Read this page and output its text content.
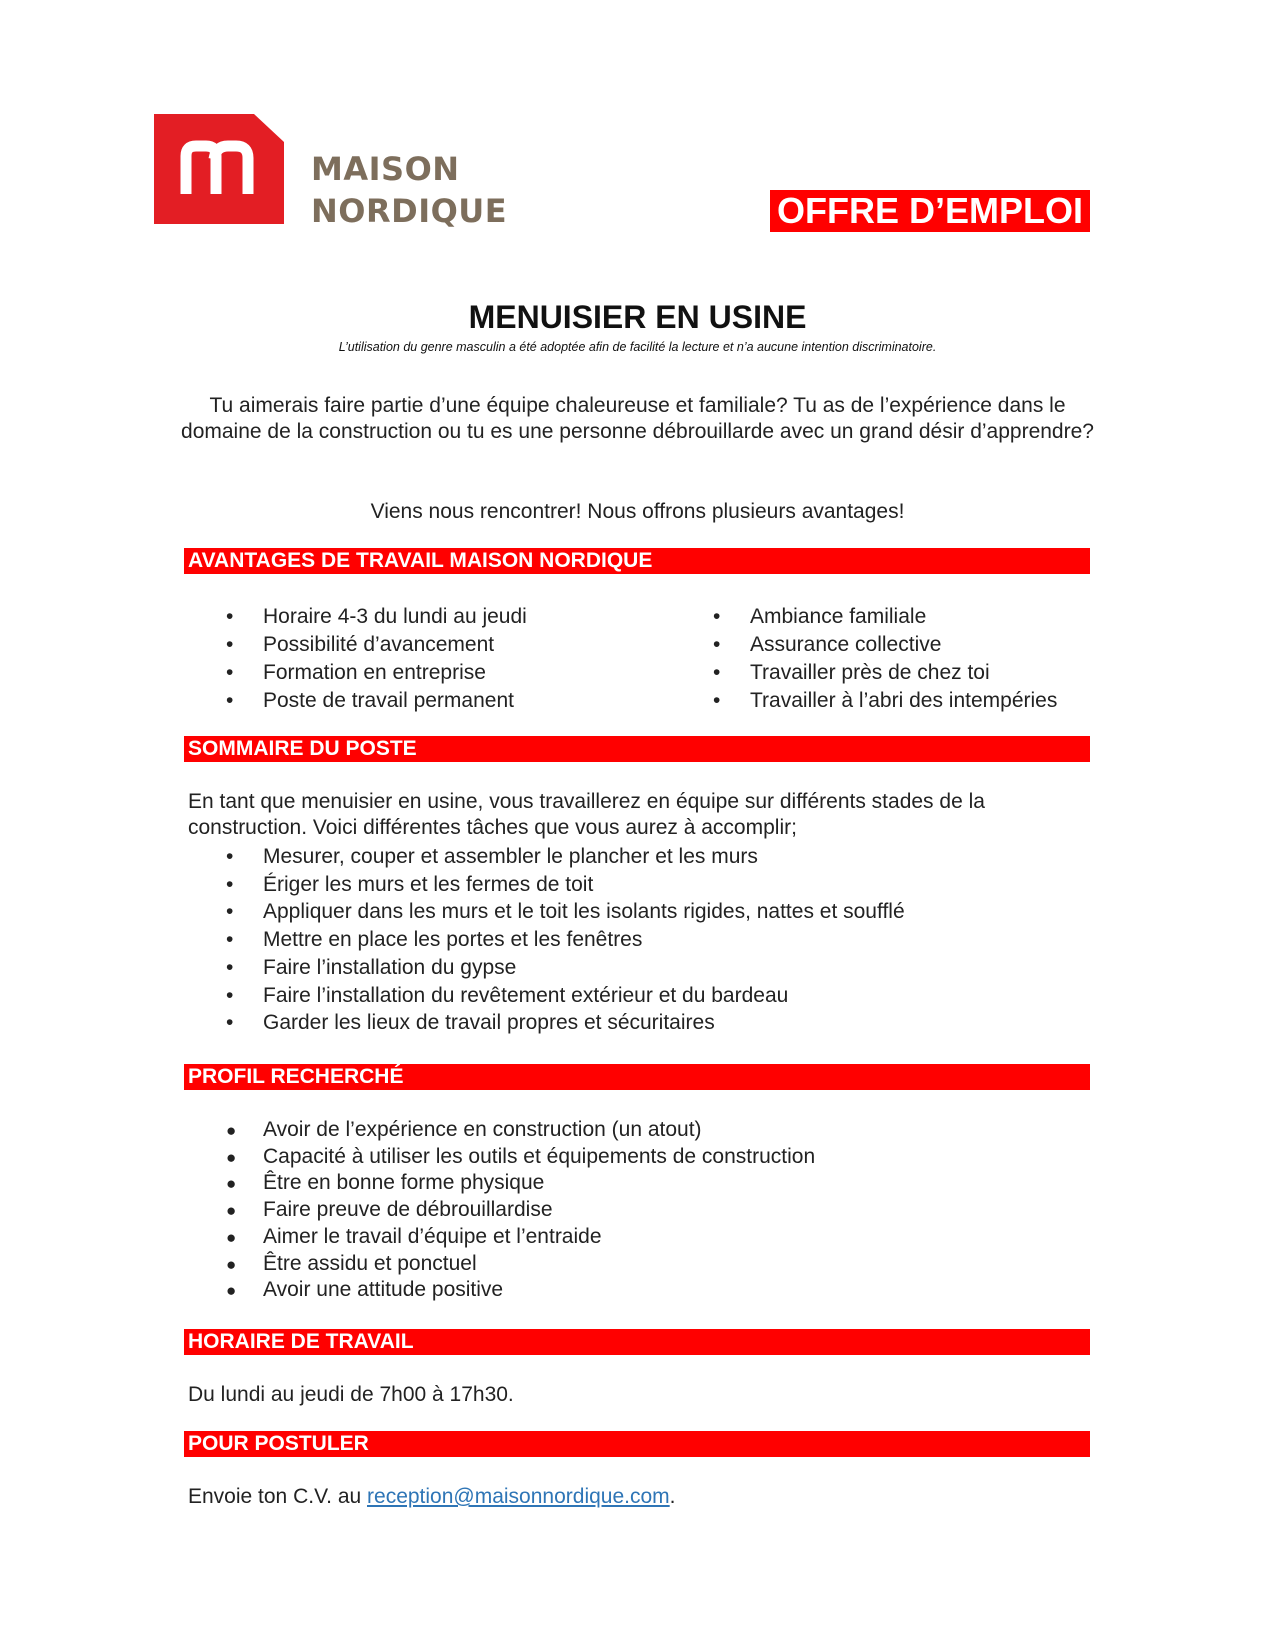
MAISON
NORDIQUE	OFFRE D’EMPLOI
MENUISIER EN USINE
L’utilisation du genre masculin a été adoptée afin de facilité la lecture et n’a aucune intention discriminatoire.
Tu aimerais faire partie d’une équipe chaleureuse et familiale? Tu as de l’expérience dans le domaine de la construction ou tu es une personne débrouillarde avec un grand désir d’apprendre?
Viens nous rencontrer! Nous offrons plusieurs avantages!
AVANTAGES DE TRAVAIL MAISON NORDIQUE
• Horaire 4-3 du lundi au jeudi
• Possibilité d’avancement
• Formation en entreprise
• Poste de travail permanent
• Ambiance familiale
• Assurance collective
• Travailler près de chez toi
• Travailler à l’abri des intempéries
SOMMAIRE DU POSTE
En tant que menuisier en usine, vous travaillerez en équipe sur différents stades de la construction. Voici différentes tâches que vous aurez à accomplir;
• Mesurer, couper et assembler le plancher et les murs
• Ériger les murs et les fermes de toit
• Appliquer dans les murs et le toit les isolants rigides, nattes et soufflé
• Mettre en place les portes et les fenêtres
• Faire l’installation du gypse
• Faire l’installation du revêtement extérieur et du bardeau
• Garder les lieux de travail propres et sécuritaires
PROFIL RECHERCHÉ
● Avoir de l’expérience en construction (un atout)
● Capacité à utiliser les outils et équipements de construction
● Être en bonne forme physique
● Faire preuve de débrouillardise
● Aimer le travail d’équipe et l’entraide
● Être assidu et ponctuel
● Avoir une attitude positive
HORAIRE DE TRAVAIL
Du lundi au jeudi de 7h00 à 17h30.
POUR POSTULER
Envoie ton C.V. au reception@maisonnordique.com.
